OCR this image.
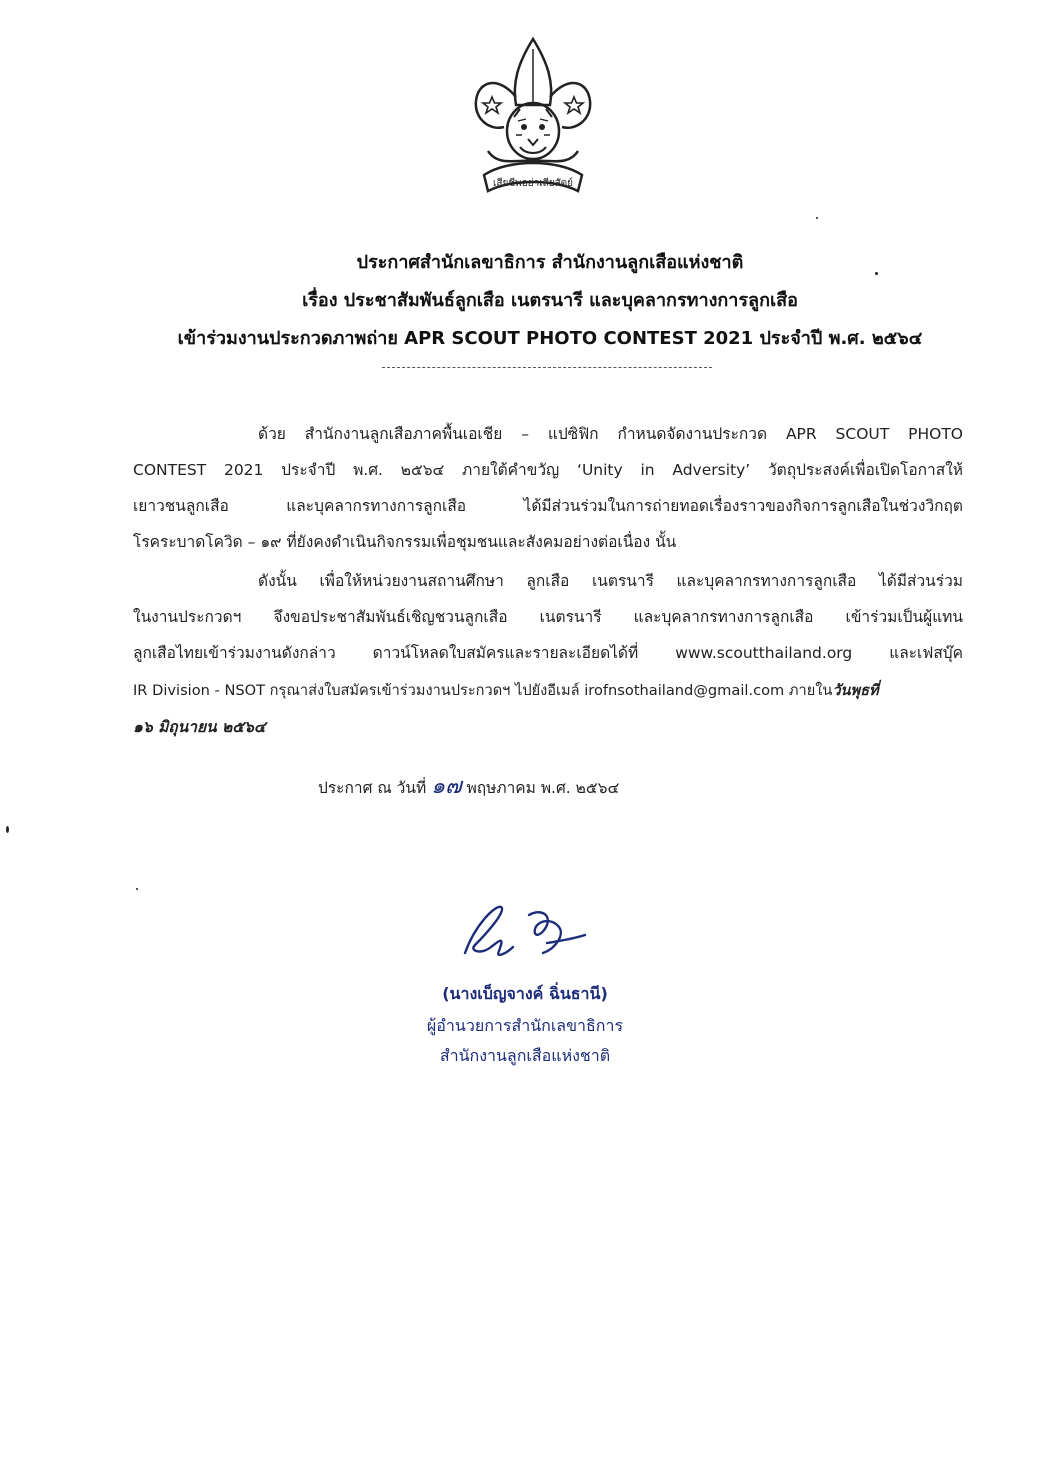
เสียชีพอย่าเสียสัตย์
ประกาศสำนักเลขาธิการ สำนักงานลูกเสือแห่งชาติ
เรื่อง ประชาสัมพันธ์ลูกเสือ เนตรนารี และบุคลากรทางการลูกเสือ
เข้าร่วมงานประกวดภาพถ่าย APR SCOUT PHOTO CONTEST 2021 ประจำปี พ.ศ. ๒๕๖๔
ด้วย สำนักงานลูกเสือภาคพื้นเอเชีย – แปซิฟิก กำหนดจัดงานประกวด APR SCOUT PHOTO
CONTEST 2021 ประจำปี พ.ศ. ๒๕๖๔ ภายใต้คำขวัญ ‘Unity in Adversity’ วัตถุประสงค์เพื่อเปิดโอกาสให้
เยาวชนลูกเสือ และบุคลากรทางการลูกเสือ ได้มีส่วนร่วมในการถ่ายทอดเรื่องราวของกิจการลูกเสือในช่วงวิกฤต
โรคระบาดโควิด – ๑๙ ที่ยังคงดำเนินกิจกรรมเพื่อชุมชนและสังคมอย่างต่อเนื่อง นั้น
ดังนั้น เพื่อให้หน่วยงานสถานศึกษา ลูกเสือ เนตรนารี และบุคลากรทางการลูกเสือ ได้มีส่วนร่วม
ในงานประกวดฯ จึงขอประชาสัมพันธ์เชิญชวนลูกเสือ เนตรนารี และบุคลากรทางการลูกเสือ เข้าร่วมเป็นผู้แทน
ลูกเสือไทยเข้าร่วมงานดังกล่าว ดาวน์โหลดใบสมัครและรายละเอียดได้ที่ www.scoutthailand.org และเฟสบุ๊ค
IR Division - NSOT กรุณาส่งใบสมัครเข้าร่วมงานประกวดฯ ไปยังอีเมล์ irofnsothailand@gmail.com ภายในวันพุธที่
๑๖ มิถุนายน ๒๕๖๔
ประกาศ ณ วันที่ ๑๗ พฤษภาคม พ.ศ. ๒๕๖๔
(นางเบ็ญจางค์ ฉิ่นธานี)
ผู้อำนวยการสำนักเลขาธิการ
สำนักงานลูกเสือแห่งชาติ
